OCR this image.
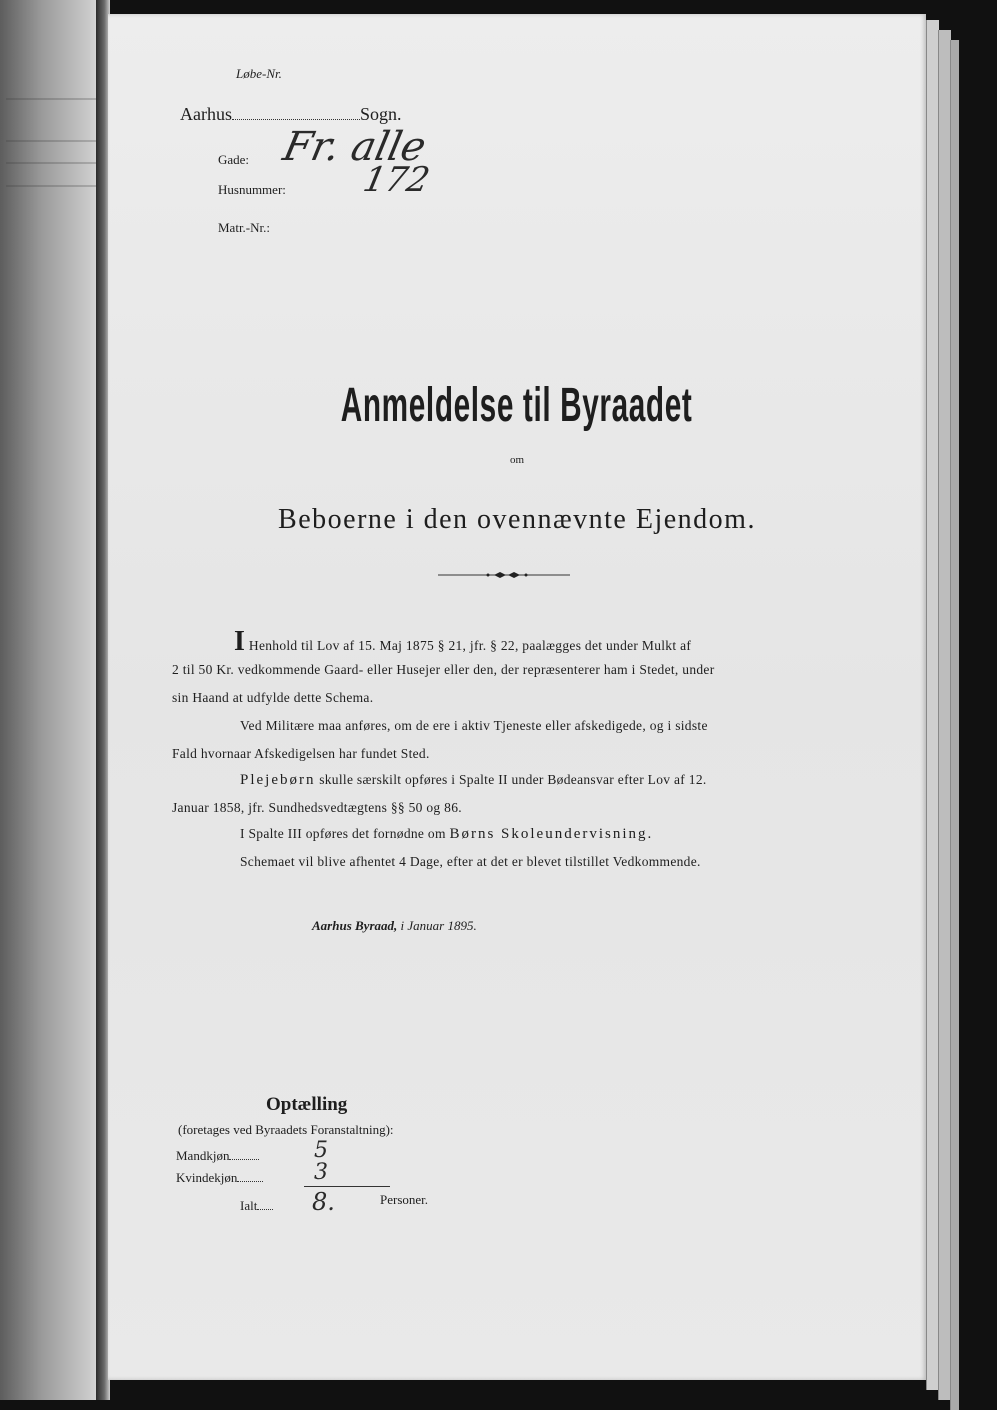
Løbe-Nr.
Aarhus	Sogn.
Gade: Fr. alle
Husnummer: 172
Matr.-Nr.:
Anmeldelse til Byraadet
om
Beboerne i den ovennævnte Ejendom.
I Henhold til Lov af 15. Maj 1875 § 21, jfr. § 22, paalægges det under Mulkt af
2 til 50 Kr. vedkommende Gaard- eller Husejer eller den, der repræsenterer ham i Stedet, under
sin Haand at udfylde dette Schema.
Ved Militære maa anføres, om de ere i aktiv Tjeneste eller afskedigede, og i sidste
Fald hvornaar Afskedigelsen har fundet Sted.
Plejebørn skulle særskilt opføres i Spalte II under Bødeansvar efter Lov af 12.
Januar 1858, jfr. Sundhedsvedtægtens §§ 50 og 86.
I Spalte III opføres det fornødne om Børns Skoleundervisning.
Schemaet vil blive afhentet 4 Dage, efter at det er blevet tilstillet Vedkommende.
Aarhus Byraad, i Januar 1895.
Optælling
(foretages ved Byraadets Foranstaltning):
Mandkjøn	5
Kvindekjøn	3
Ialt	8.	Personer.
